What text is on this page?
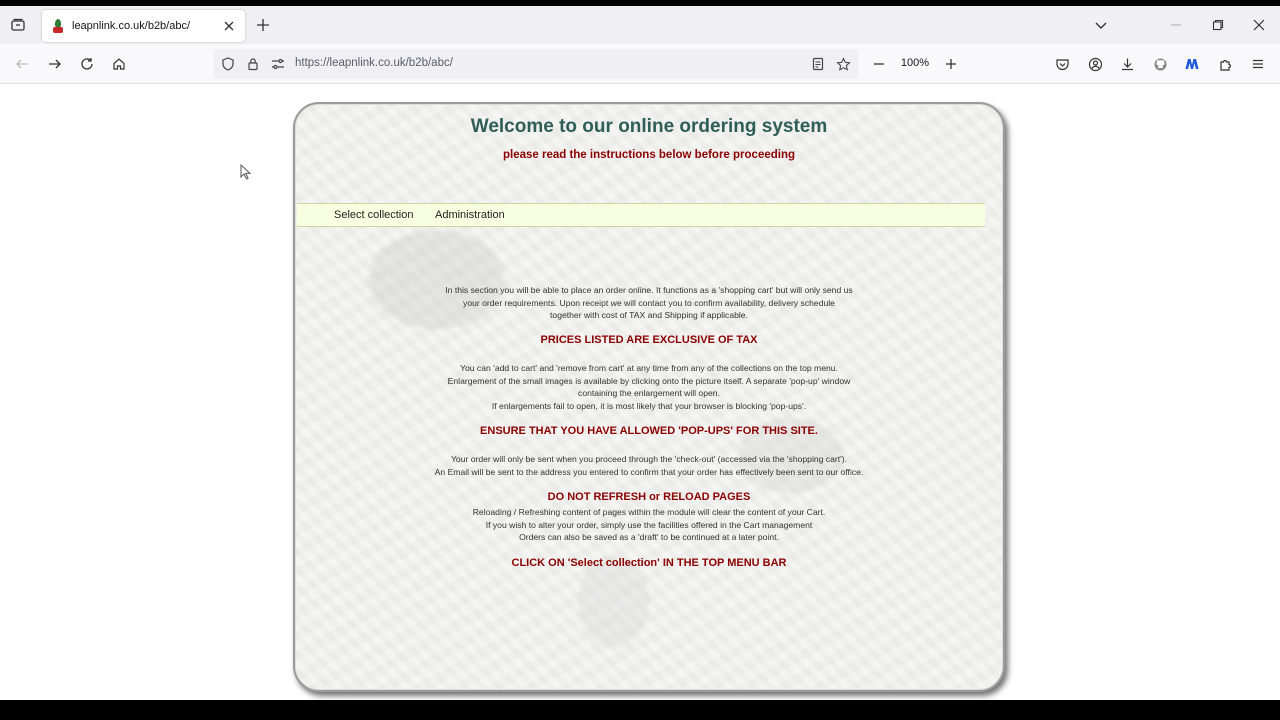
leapnlink.co.uk/b2b/abc/
https://leapnlink.co.uk/b2b/abc/	100%
Welcome to our online ordering system
please read the instructions below before proceeding
Select collection Administration
In this section you will be able to place an order online. It functions as a 'shopping cart' but will only send us
your order requirements. Upon receipt we will contact you to confirm availability, delivery schedule
together with cost of TAX and Shipping if applicable.
PRICES LISTED ARE EXCLUSIVE OF TAX
You can 'add to cart' and 'remove from cart' at any time from any of the collections on the top menu.
Enlargement of the small images is available by clicking onto the picture itself. A separate 'pop-up' window
containing the enlargement will open.
If enlargements fail to open, it is most likely that your browser is blocking 'pop-ups'.
ENSURE THAT YOU HAVE ALLOWED 'POP-UPS' FOR THIS SITE.
Your order will only be sent when you proceed through the 'check-out' (accessed via the 'shopping cart').
An Email will be sent to the address you entered to confirm that your order has effectively been sent to our office.
DO NOT REFRESH or RELOAD PAGES
Reloading / Refreshing content of pages within the module will clear the content of your Cart.
If you wish to alter your order, simply use the facilities offered in the Cart management
Orders can also be saved as a 'draft' to be continued at a later point.
CLICK ON 'Select collection' IN THE TOP MENU BAR
